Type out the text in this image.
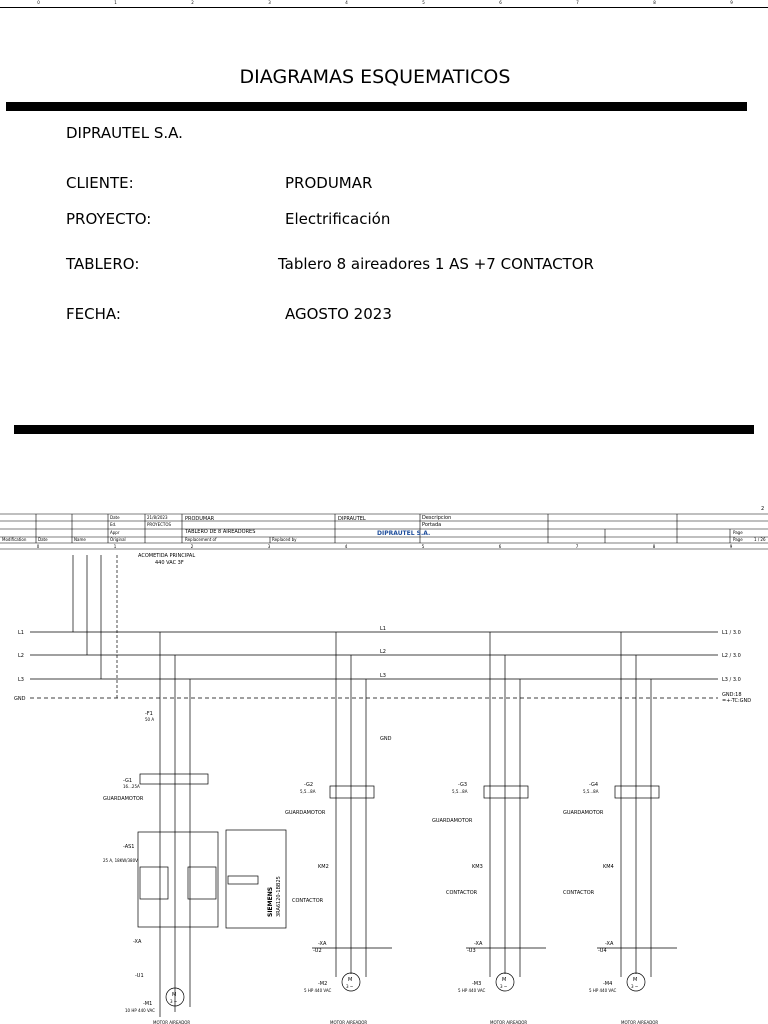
0	1	2	3	4	5	6	7	8	9
DIAGRAMAS ESQUEMATICOS
DIPRAUTEL S.A.
CLIENTE:	PRODUMAR
PROYECTO:	Electrificación
TABLERO:	Tablero 8 aireadores 1 AS +7 CONTACTOR
FECHA:	AGOSTO 2023
2
Date	21/8/2023
Ed.	PROYECTOS
Appr
Original
Modification	Date	Name
PRODUMAR
TABLERO DE 8 AIREADORES
Replacement of	Replaced by
DIPRAUTEL
DIPRAUTEL S.A.
Descripcion
Portada
Page
Page	1 / 26
0	1	2	3	4	5	6	7	8	9
ACOMETIDA PRINCIPAL
440 VAC 3F
L1
L2
L3
GND
L1
L2
L3
L1 / 3.0
L2 / 3.0
L3 / 3.0
GND:18
=+-TC:GND
GND
-F1
50 A
-G1
16...25A
GUARDAMOTOR
-AS1
25 A, 18KW/380V
SIEMENS 3RA6120-1BB25 CONTACTOR
-XA
-U1
-M1
10 HP 440 VAC
M
3 ~
MOTOR AIREADOR
-G2
5,5...8A
GUARDAMOTOR
KM2
-XA
-U2
-M2
5 HP 440 VAC
M
3 ~
MOTOR AIREADOR
-G3
5,5...8A
GUARDAMOTOR
KM3
CONTACTOR
-XA
-U3
-M3
5 HP 440 VAC
M
3 ~
MOTOR AIREADOR
-G4
5,5...8A
GUARDAMOTOR
KM4
CONTACTOR
-XA
-U4
-M4
5 HP 440 VAC
M
3 ~
MOTOR AIREADOR
